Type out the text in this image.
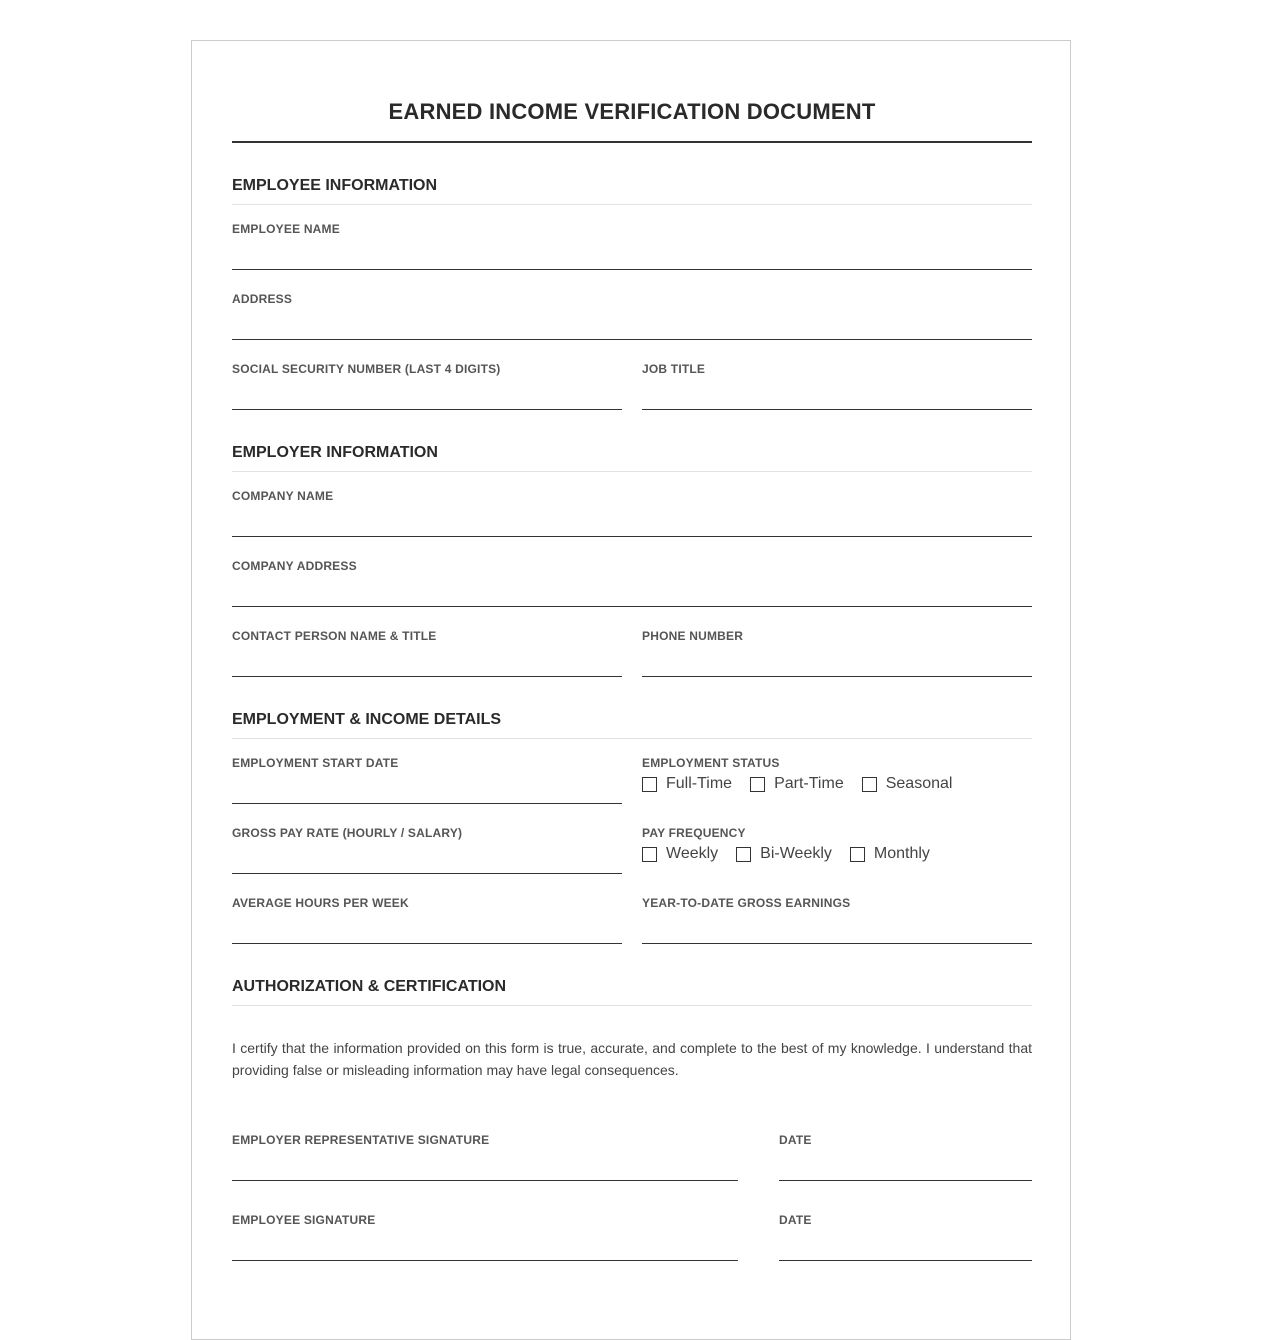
EARNED INCOME VERIFICATION DOCUMENT
EMPLOYEE INFORMATION
EMPLOYEE NAME
ADDRESS
SOCIAL SECURITY NUMBER (LAST 4 DIGITS)	JOB TITLE
EMPLOYER INFORMATION
COMPANY NAME
COMPANY ADDRESS
CONTACT PERSON NAME & TITLE	PHONE NUMBER
EMPLOYMENT & INCOME DETAILS
EMPLOYMENT START DATE	EMPLOYMENT STATUS
Full-Time	Part-Time	Seasonal
GROSS PAY RATE (HOURLY / SALARY)	PAY FREQUENCY
Weekly	Bi-Weekly	Monthly
AVERAGE HOURS PER WEEK	YEAR-TO-DATE GROSS EARNINGS
AUTHORIZATION & CERTIFICATION

I certify that the information provided on this form is true, accurate, and complete to the best of my knowledge. I understand that providing false or misleading information may have legal consequences.

EMPLOYER REPRESENTATIVE SIGNATURE	DATE
EMPLOYEE SIGNATURE	DATE
